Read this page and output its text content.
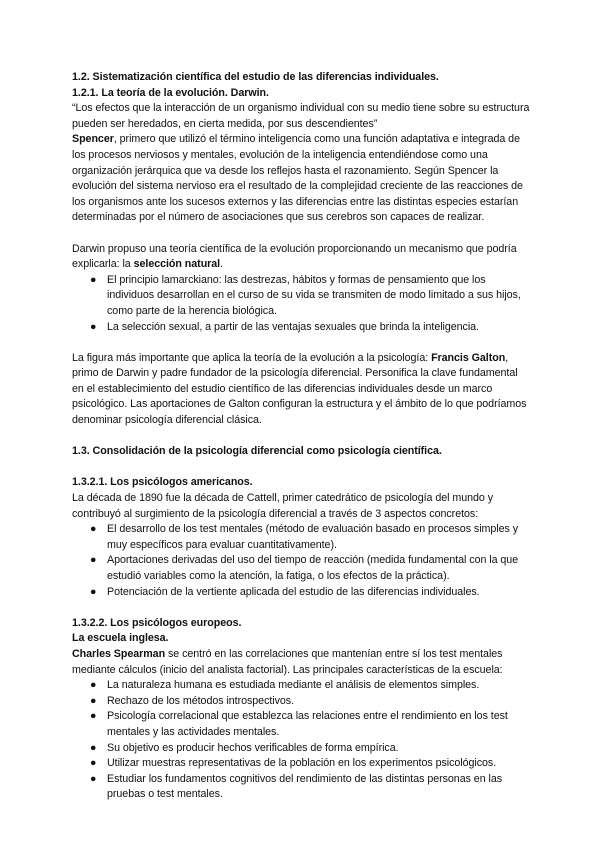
1.2. Sistematización científica del estudio de las diferencias individuales.

1.2.1. La teoría de la evolución. Darwin.

“Los efectos que la interacción de un organismo individual con su medio tiene sobre su estructura pueden ser heredados, en cierta medida, por sus descendientes”

Spencer, primero que utilizó el término inteligencia como una función adaptativa e integrada de los procesos nerviosos y mentales, evolución de la inteligencia entendiéndose como una organización jerárquica que va desde los reflejos hasta el razonamiento. Según Spencer la evolución del sistema nervioso era el resultado de la complejidad creciente de las reacciones de los organismos ante los sucesos externos y las diferencias entre las distintas especies estarían determinadas por el número de asociaciones que sus cerebros son capaces de realizar.

Darwin propuso una teoría científica de la evolución proporcionando un mecanismo que podría explicarla: la selección natural.

● El principio lamarckiano: las destrezas, hábitos y formas de pensamiento que los individuos desarrollan en el curso de su vida se transmiten de modo limitado a sus hijos, como parte de la herencia biológica.
● La selección sexual, a partir de las ventajas sexuales que brinda la inteligencia.

La figura más importante que aplica la teoría de la evolución a la psicología: Francis Galton, primo de Darwin y padre fundador de la psicología diferencial. Personifica la clave fundamental en el establecimiento del estudio científico de las diferencias individuales desde un marco psicológico. Las aportaciones de Galton configuran la estructura y el ámbito de lo que podríamos denominar psicología diferencial clásica.

1.3. Consolidación de la psicología diferencial como psicología científica.

1.3.2.1. Los psicólogos americanos.

La década de 1890 fue la década de Cattell, primer catedrático de psicología del mundo y contribuyó al surgimiento de la psicología diferencial a través de 3 aspectos concretos:

● El desarrollo de los test mentales (método de evaluación basado en procesos simples y muy específicos para evaluar cuantitativamente).
● Aportaciones derivadas del uso del tiempo de reacción (medida fundamental con la que estudió variables como la atención, la fatiga, o los efectos de la práctica).
● Potenciación de la vertiente aplicada del estudio de las diferencias individuales.

1.3.2.2. Los psicólogos europeos.

La escuela inglesa.

Charles Spearman se centró en las correlaciones que mantenían entre sí los test mentales mediante cálculos (inicio del analista factorial). Las principales características de la escuela:

● La naturaleza humana es estudiada mediante el análisis de elementos simples.
● Rechazo de los métodos introspectivos.
● Psicología correlacional que establezca las relaciones entre el rendimiento en los test mentales y las actividades mentales.
● Su objetivo es producir hechos verificables de forma empírica.
● Utilizar muestras representativas de la población en los experimentos psicológicos.
● Estudiar los fundamentos cognitivos del rendimiento de las distintas personas en las pruebas o test mentales.
